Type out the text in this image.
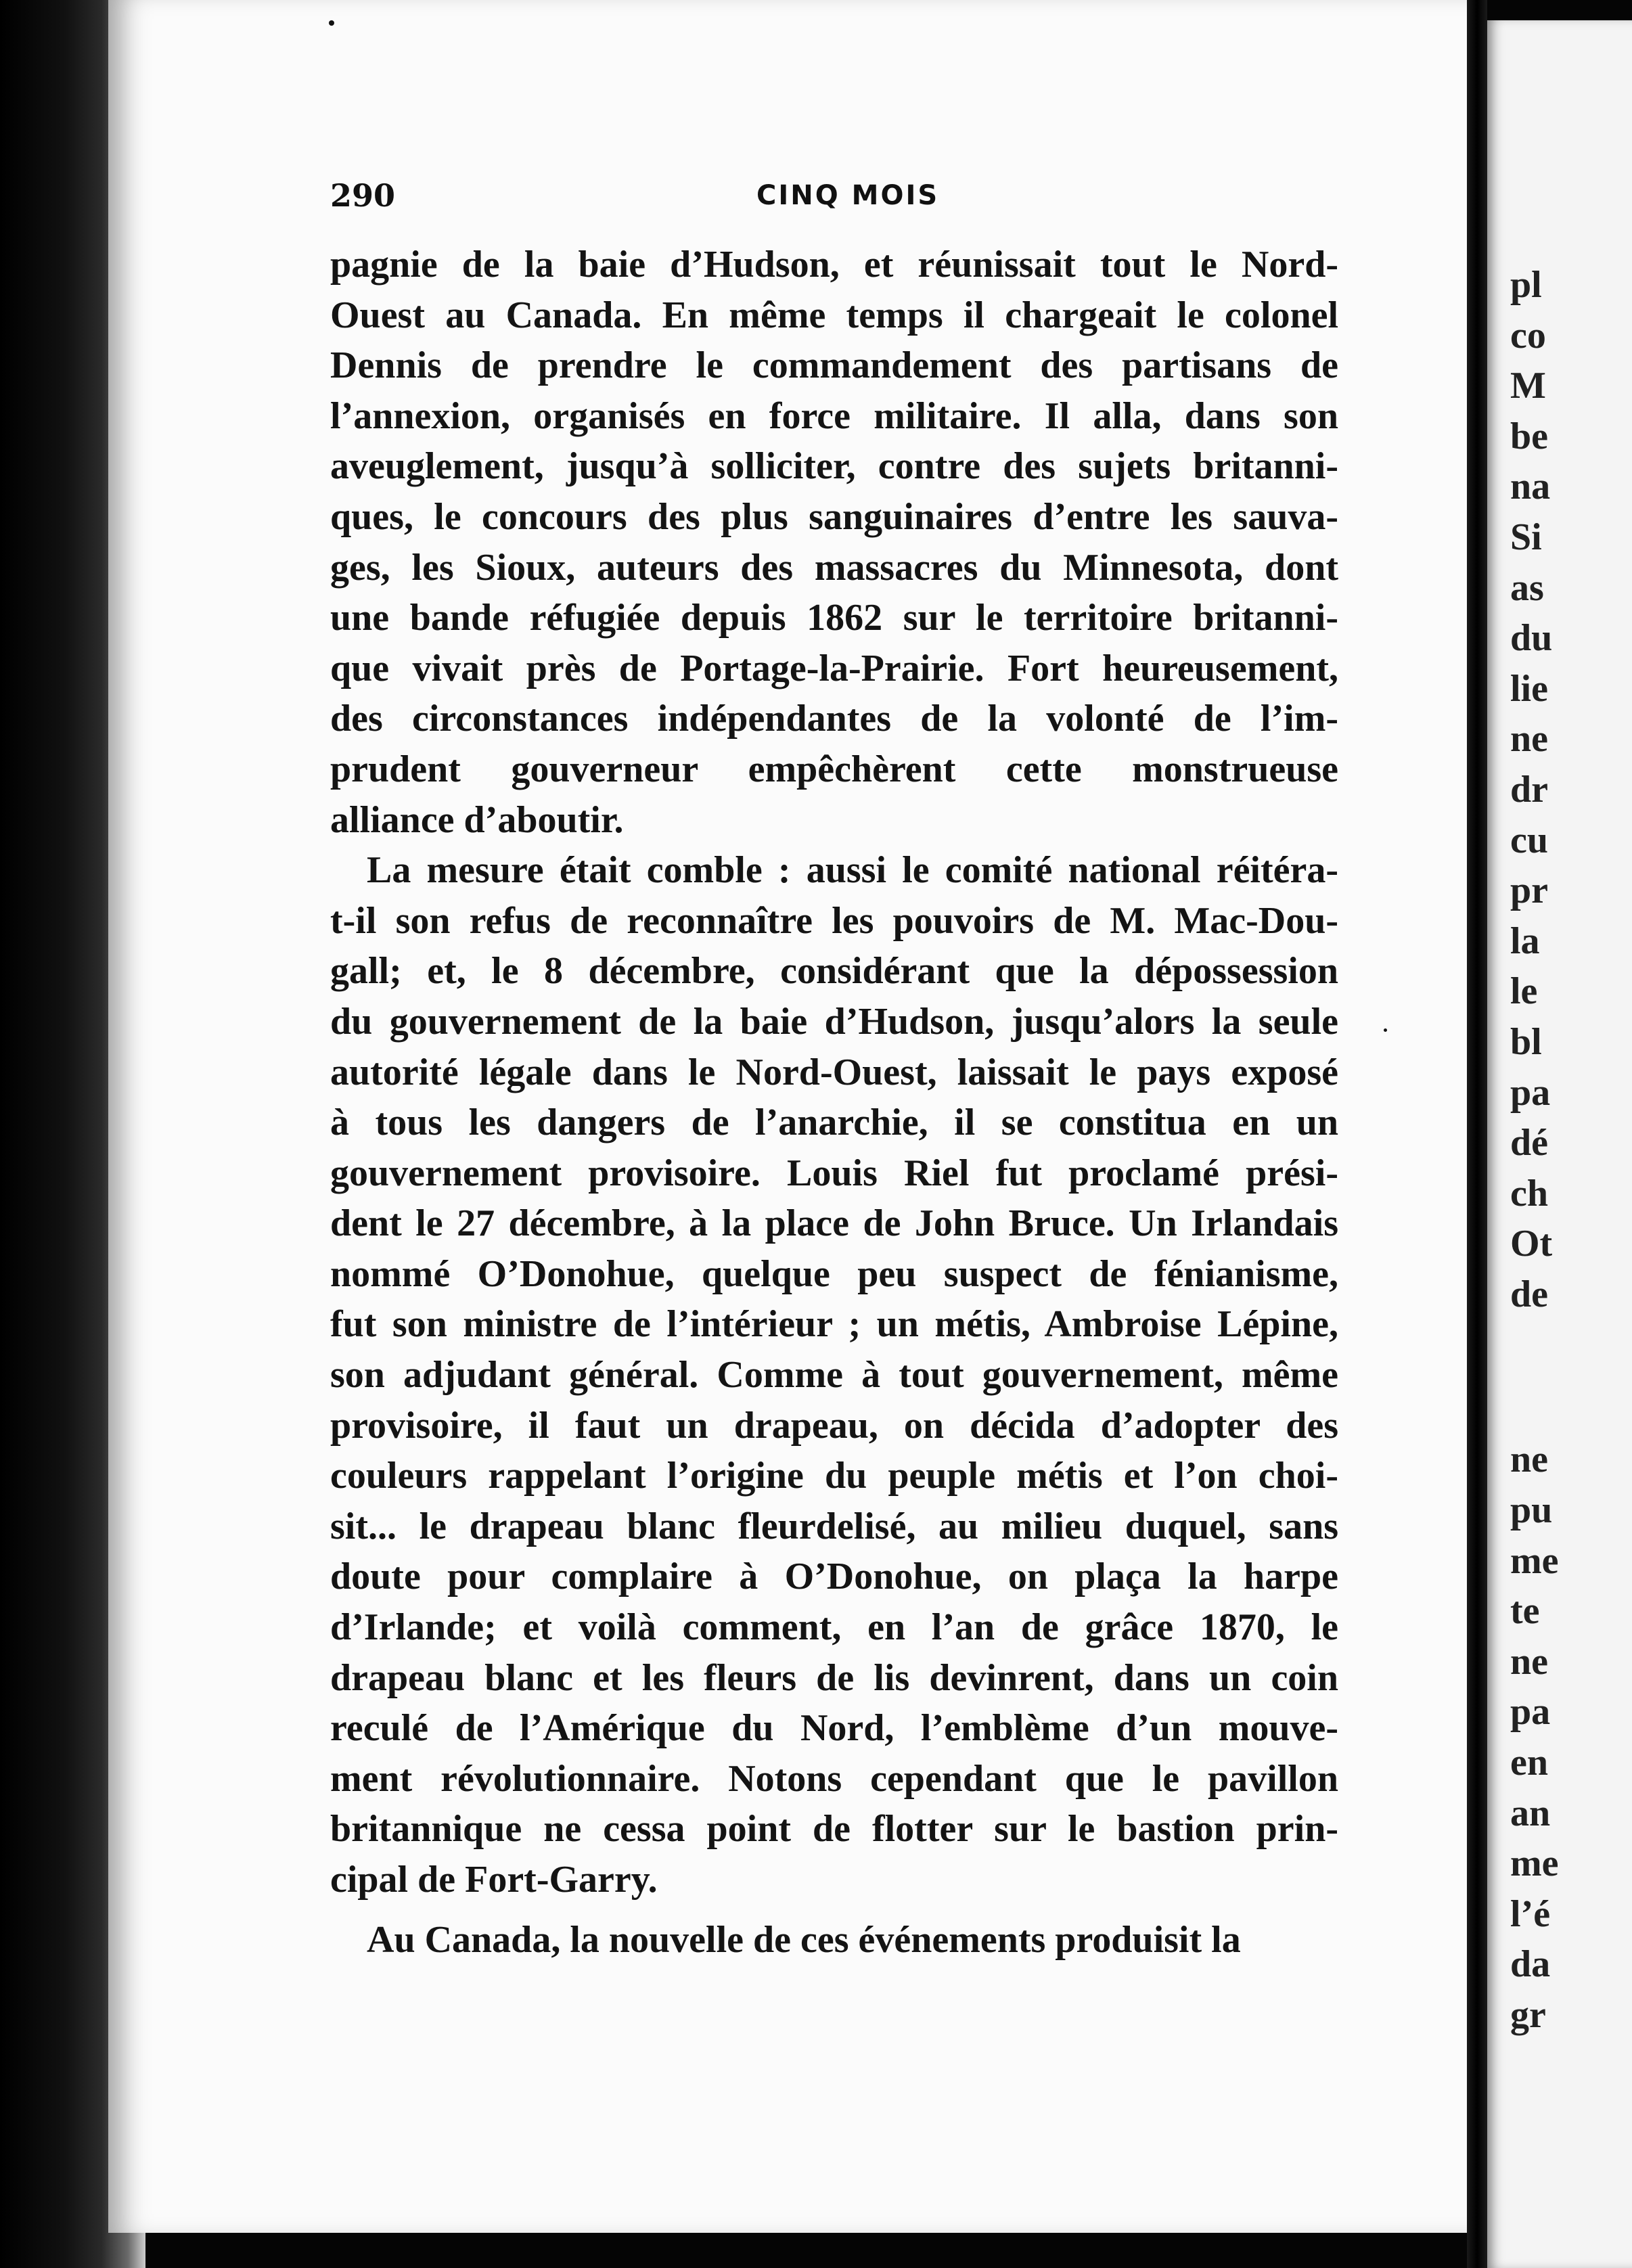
290	CINQ MOIS
pagnie de la baie d’Hudson, et réunissait tout le Nord-
Ouest au Canada. En même temps il chargeait le colonel
Dennis de prendre le commandement des partisans de
l’annexion, organisés en force militaire. Il alla, dans son
aveuglement, jusqu’à solliciter, contre des sujets britanni-
ques, le concours des plus sanguinaires d’entre les sauva-
ges, les Sioux, auteurs des massacres du Minnesota, dont
une bande réfugiée depuis 1862 sur le territoire britanni-
que vivait près de Portage-la-Prairie. Fort heureusement,
des circonstances indépendantes de la volonté de l’im-
prudent gouverneur empêchèrent cette monstrueuse
alliance d’aboutir.
La mesure était comble : aussi le comité national réitéra-
t-il son refus de reconnaître les pouvoirs de M. Mac-Dou-
gall; et, le 8 décembre, considérant que la dépossession
du gouvernement de la baie d’Hudson, jusqu’alors la seule
autorité légale dans le Nord-Ouest, laissait le pays exposé
à tous les dangers de l’anarchie, il se constitua en un
gouvernement provisoire. Louis Riel fut proclamé prési-
dent le 27 décembre, à la place de John Bruce. Un Irlandais
nommé O’Donohue, quelque peu suspect de fénianisme,
fut son ministre de l’intérieur ; un métis, Ambroise Lépine,
son adjudant général. Comme à tout gouvernement, même
provisoire, il faut un drapeau, on décida d’adopter des
couleurs rappelant l’origine du peuple métis et l’on choi-
sit... le drapeau blanc fleurdelisé, au milieu duquel, sans
doute pour complaire à O’Donohue, on plaça la harpe
d’Irlande; et voilà comment, en l’an de grâce 1870, le
drapeau blanc et les fleurs de lis devinrent, dans un coin
reculé de l’Amérique du Nord, l’emblème d’un mouve-
ment révolutionnaire. Notons cependant que le pavillon
britannique ne cessa point de flotter sur le bastion prin-
cipal de Fort-Garry.
Au Canada, la nouvelle de ces événements produisit la
pl
co
M
be
na
Si
as
du
lie
ne
dr
cu
pr
la
le
bl
pa
dé
ch
Ot
de
ne
pu
me
te
ne
pa
en
an
me
l’é
da
gr
